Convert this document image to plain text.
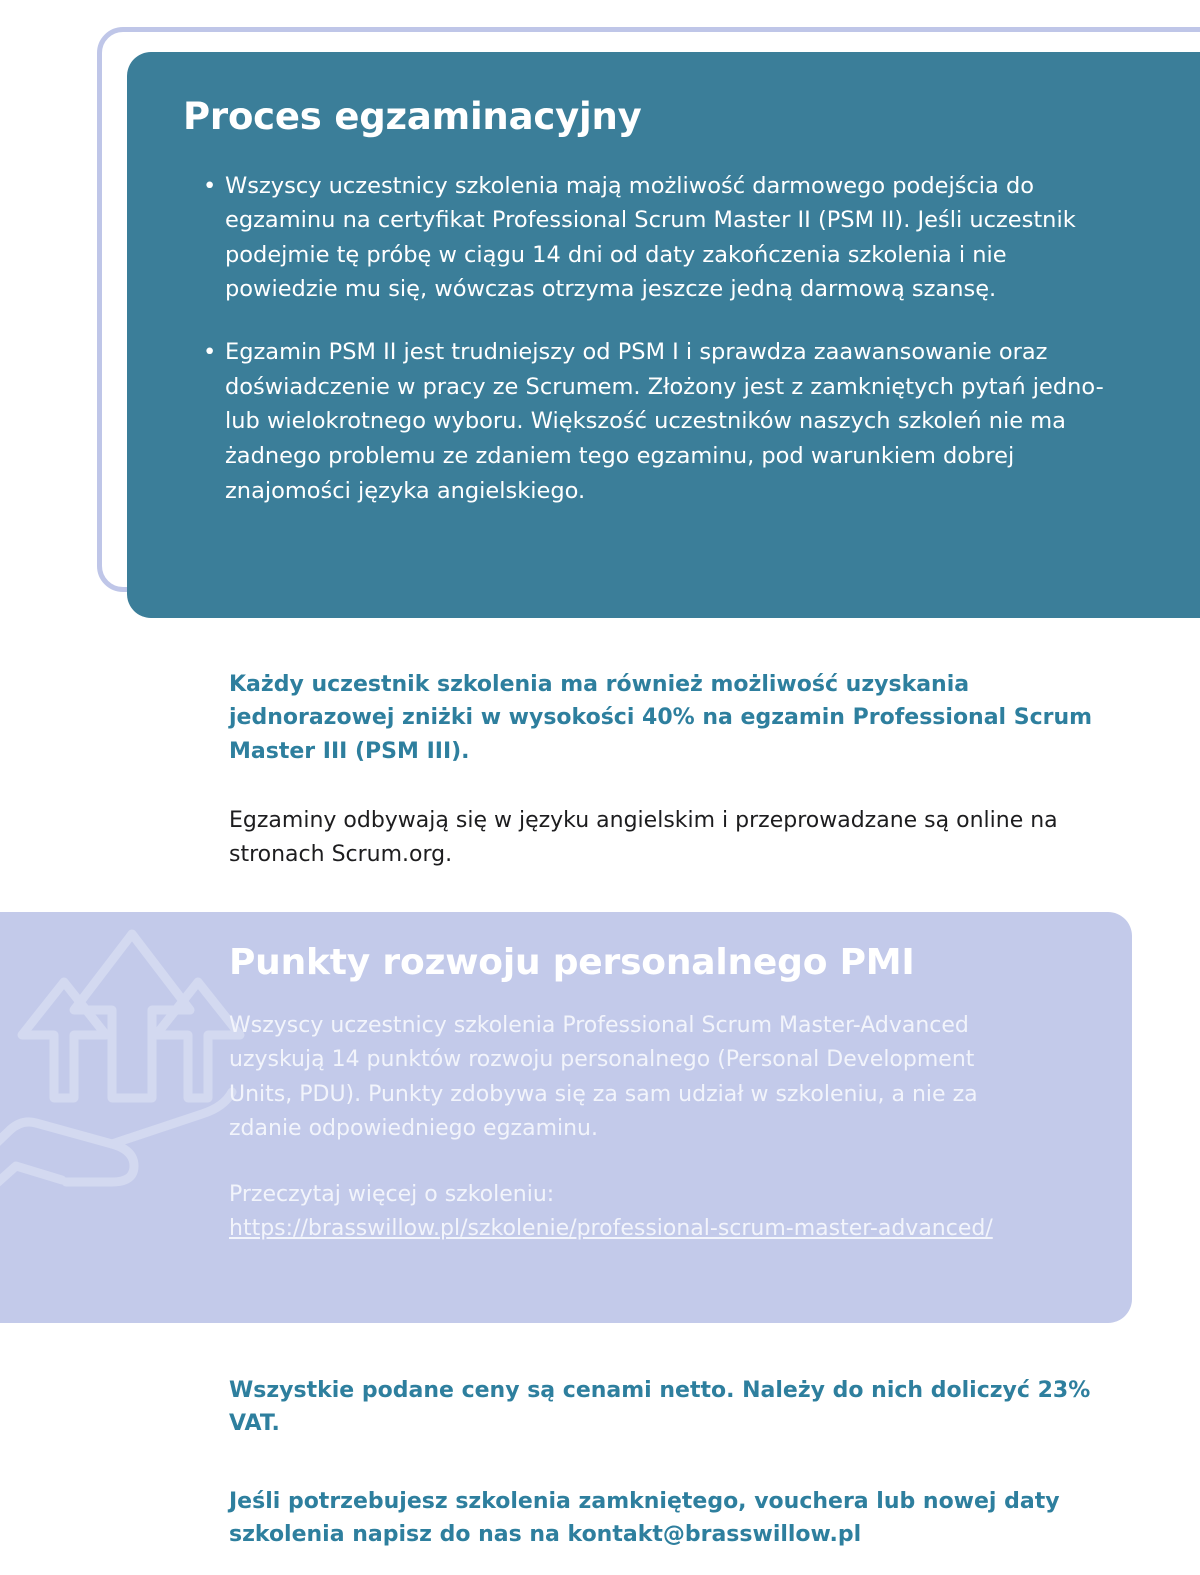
Proces egzaminacyjny
• Wszyscy uczestnicy szkolenia mają możliwość darmowego podejścia do egzaminu na certyfikat Professional Scrum Master II (PSM II). Jeśli uczestnik podejmie tę próbę w ciągu 14 dni od daty zakończenia szkolenia i nie powiedzie mu się, wówczas otrzyma jeszcze jedną darmową szansę.
• Egzamin PSM II jest trudniejszy od PSM I i sprawdza zaawansowanie oraz doświadczenie w pracy ze Scrumem. Złożony jest z zamkniętych pytań jedno- lub wielokrotnego wyboru. Większość uczestników naszych szkoleń nie ma żadnego problemu ze zdaniem tego egzaminu, pod warunkiem dobrej znajomości języka angielskiego.

Każdy uczestnik szkolenia ma również możliwość uzyskania jednorazowej zniżki w wysokości 40% na egzamin Professional Scrum Master III (PSM III).

Egzaminy odbywają się w języku angielskim i przeprowadzane są online na stronach Scrum.org.

Punkty rozwoju personalnego PMI

Wszyscy uczestnicy szkolenia Professional Scrum Master-Advanced uzyskują 14 punktów rozwoju personalnego (Personal Development Units, PDU). Punkty zdobywa się za sam udział w szkoleniu, a nie za zdanie odpowiedniego egzaminu.

Przeczytaj więcej o szkoleniu:
https://brasswillow.pl/szkolenie/professional-scrum-master-advanced/

Wszystkie podane ceny są cenami netto. Należy do nich doliczyć 23% VAT.

Jeśli potrzebujesz szkolenia zamkniętego, vouchera lub nowej daty szkolenia napisz do nas na kontakt@brasswillow.pl
